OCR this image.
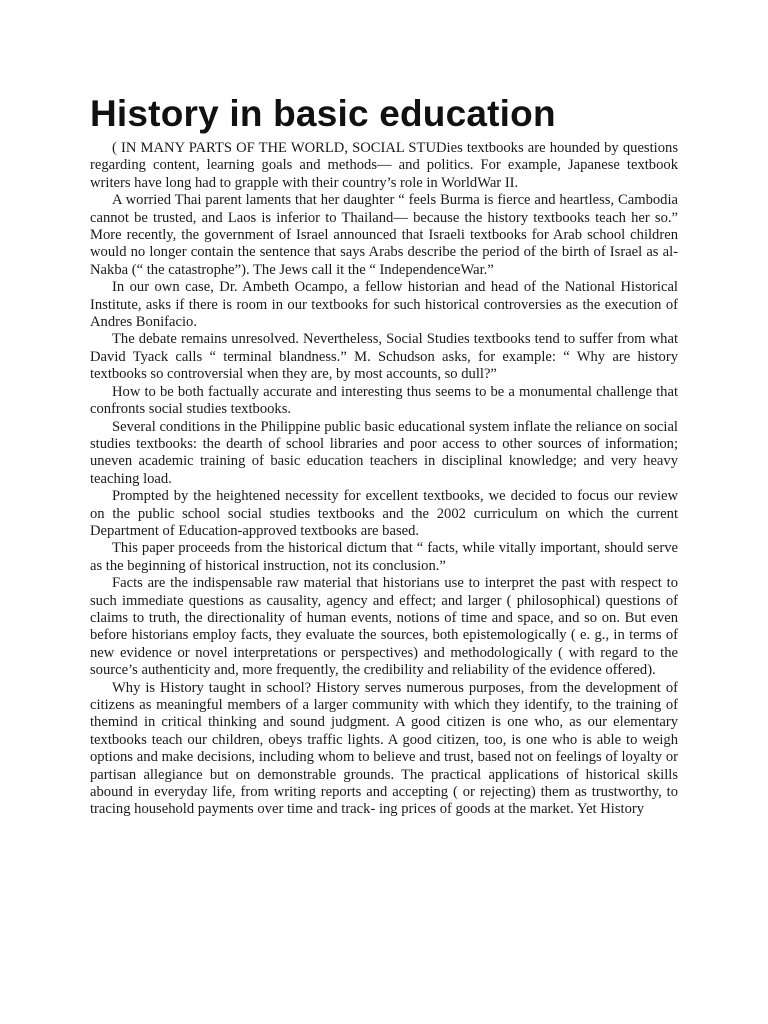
History in basic education

( IN MANY PARTS OF THE WORLD, SOCIAL STUDies textbooks are hounded by questions regarding content, learning goals and methods— and politics. For example, Japanese textbook writers have long had to grapple with their country’s role in WorldWar II.

A worried Thai parent laments that her daughter “ feels Burma is fierce and heartless, Cambodia cannot be trusted, and Laos is inferior to Thailand— because the history textbooks teach her so.” More recently, the government of Israel announced that Israeli textbooks for Arab school children would no longer contain the sentence that says Arabs describe the period of the birth of Israel as al-Nakba (“ the catastrophe”). The Jews call it the “ IndependenceWar.”

In our own case, Dr. Ambeth Ocampo, a fellow historian and head of the National Historical Institute, asks if there is room in our textbooks for such historical controversies as the execution of Andres Bonifacio.

The debate remains unresolved. Nevertheless, Social Studies textbooks tend to suffer from what David Tyack calls “ terminal blandness.” M. Schudson asks, for example: “ Why are history textbooks so controversial when they are, by most accounts, so dull?”

How to be both factually accurate and interesting thus seems to be a monumental challenge that confronts social studies textbooks.

Several conditions in the Philippine public basic educational system inflate the reliance on social studies textbooks: the dearth of school libraries and poor access to other sources of information; uneven academic training of basic education teachers in disciplinal knowledge; and very heavy teaching load.

Prompted by the heightened necessity for excellent textbooks, we decided to focus our review on the public school social studies textbooks and the 2002 curriculum on which the current Department of Education-approved textbooks are based.

This paper proceeds from the historical dictum that “ facts, while vitally important, should serve as the beginning of historical instruction, not its conclusion.”

Facts are the indispensable raw material that historians use to interpret the past with respect to such immediate questions as causality, agency and effect; and larger ( philosophical) questions of claims to truth, the directionality of human events, notions of time and space, and so on. But even before historians employ facts, they evaluate the sources, both epistemologically ( e. g., in terms of new evidence or novel interpretations or perspectives) and methodologically ( with regard to the source’s authenticity and, more frequently, the credibility and reliability of the evidence offered).

Why is History taught in school? History serves numerous purposes, from the development of citizens as meaningful members of a larger community with which they identify, to the training of themind in critical thinking and sound judgment. A good citizen is one who, as our elementary textbooks teach our children, obeys traffic lights. A good citizen, too, is one who is able to weigh options and make decisions, including whom to believe and trust, based not on feelings of loyalty or partisan allegiance but on demonstrable grounds. The practical applications of historical skills abound in everyday life, from writing reports and accepting ( or rejecting) them as trustworthy, to tracing household payments over time and track- ing prices of goods at the market. Yet History
